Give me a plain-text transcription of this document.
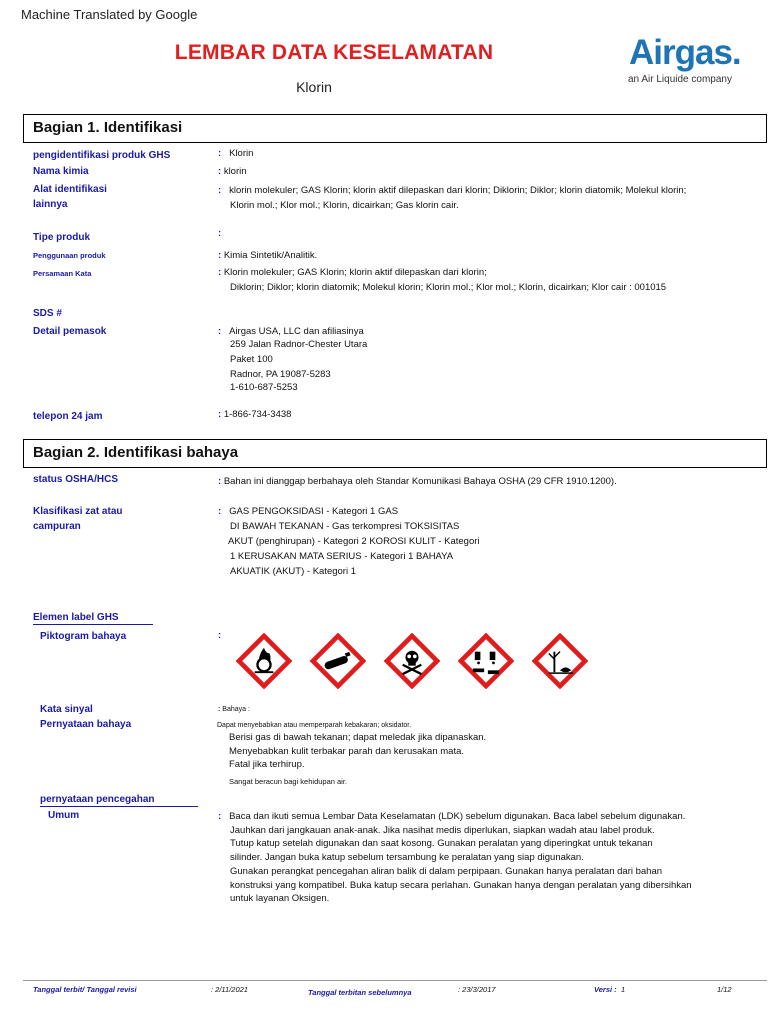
Machine Translated by Google
LEMBAR DATA KESELAMATAN
Klorin
Airgas.
an Air Liquide company
Bagian 1. Identifikasi
pengidentifikasi produk GHS	:   Klorin
Nama kimia	: klorin
Alat identifikasi
lainnya
:   klorin molekuler; GAS Klorin; klorin aktif dilepaskan dari klorin; Diklorin; Diklor; klorin diatomik; Molekul klorin;
Klorin mol.; Klor mol.; Klorin, dicairkan; Gas klorin cair.
Tipe produk	:
Penggunaan produk	: Kimia Sintetik/Analitik.
Persamaan Kata	: Klorin molekuler; GAS Klorin; klorin aktif dilepaskan dari klorin;
Diklorin; Diklor; klorin diatomik; Molekul klorin; Klorin mol.; Klor mol.; Klorin, dicairkan; Klor cair : 001015
SDS #
Detail pemasok	:   Airgas USA, LLC dan afiliasinya
259 Jalan Radnor-Chester Utara
Paket 100
Radnor, PA 19087-5283
1-610-687-5253
telepon 24 jam	: 1-866-734-3438
Bagian 2. Identifikasi bahaya
status OSHA/HCS	: Bahan ini dianggap berbahaya oleh Standar Komunikasi Bahaya OSHA (29 CFR 1910.1200).
Klasifikasi zat atau
campuran
:   GAS PENGOKSIDASI - Kategori 1 GAS
DI BAWAH TEKANAN - Gas terkompresi TOKSISITAS
AKUT (penghirupan) - Kategori 2 KOROSI KULIT - Kategori
1 KERUSAKAN MATA SERIUS - Kategori 1 BAHAYA
AKUATIK (AKUT) - Kategori 1
Elemen label GHS
Piktogram bahaya	:
Kata sinyal	: Bahaya :
Pernyataan bahaya	Dapat menyebabkan atau memperparah kebakaran; oksidator.
Berisi gas di bawah tekanan; dapat meledak jika dipanaskan.
Menyebabkan kulit terbakar parah dan kerusakan mata.
Fatal jika terhirup.
Sangat beracun bagi kehidupan air.
pernyataan pencegahan
Umum	:   Baca dan ikuti semua Lembar Data Keselamatan (LDK) sebelum digunakan. Baca label sebelum digunakan.
Jauhkan dari jangkauan anak-anak. Jika nasihat medis diperlukan, siapkan wadah atau label produk.
Tutup katup setelah digunakan dan saat kosong. Gunakan peralatan yang diperingkat untuk tekanan
silinder. Jangan buka katup sebelum tersambung ke peralatan yang siap digunakan.
Gunakan perangkat pencegahan aliran balik di dalam perpipaan. Gunakan hanya peralatan dari bahan
konstruksi yang kompatibel. Buka katup secara perlahan. Gunakan hanya dengan peralatan yang dibersihkan
untuk layanan Oksigen.
Tanggal terbit/ Tanggal revisi	: 2/11/2021	Tanggal terbitan sebelumnya	: 23/3/2017	Versi : 1	1/12
